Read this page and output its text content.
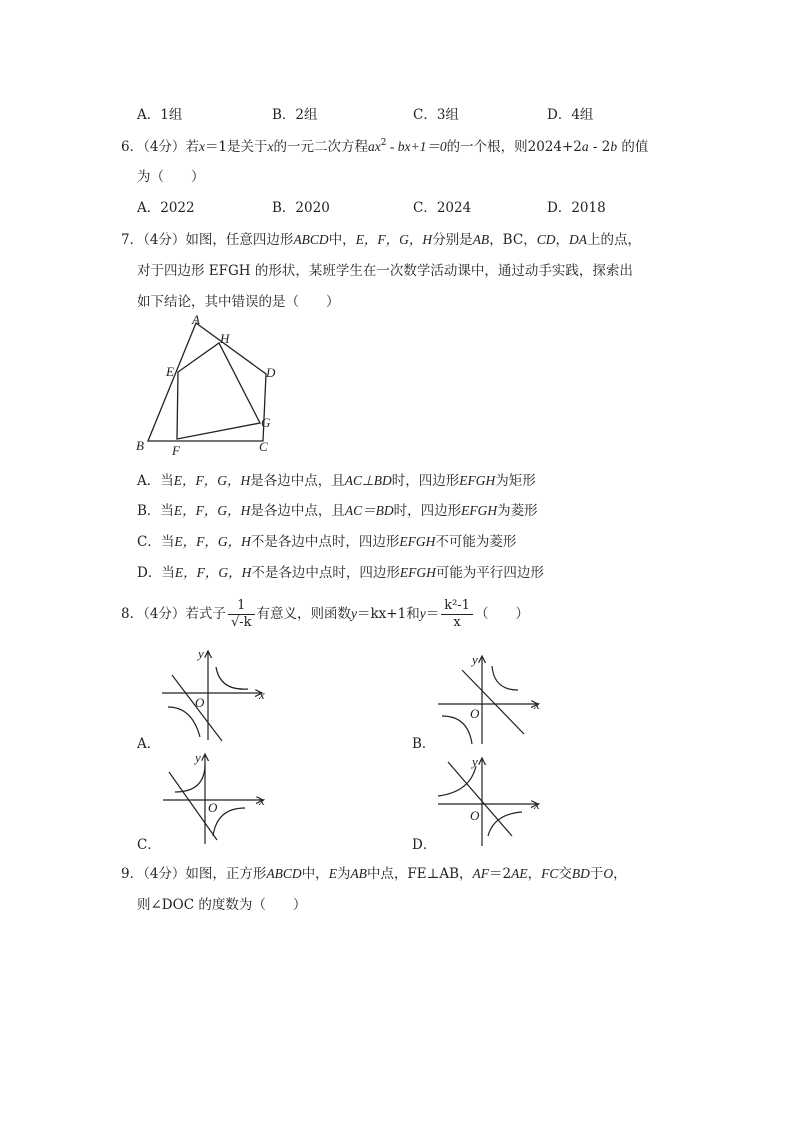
A．1组	B．2组	C．3组	D．4组
6．（4分）若x＝1是关于x的一元二次方程$ax^2 - bx+1=0$的一个根，则2024+2a - 2b 的值
为（　　）
A．2022	B．2020	C．2024	D．2018
7．（4分）如图，任意四边形ABCD中，E，F，G，H分别是AB，BC，CD，DA上的点，
对于四边形 EFGH 的形状，某班学生在一次数学活动课中，通过动手实践，探索出
如下结论，其中错误的是（　　）
A
H
E	D
G
B F	C
A．当E，F，G，H是各边中点，且AC⊥BD时，四边形EFGH为矩形
B．当E，F，G，H是各边中点，且AC＝BD时，四边形EFGH为菱形
C．当E，F，G，H不是各边中点时，四边形EFGH不可能为菱形
D．当E，F，G，H不是各边中点时，四边形EFGH可能为平行四边形
8．（4分）若式子 $\frac{1}{√-k}$ 有意义，则函数y＝kx+1和$y= \frac{\text{k²-1}}{x}$ （　　）
y
x
O
A．
y
x
O
B．
y
x
O
C．
y
x
O
D．
9．（4分）如图，正方形ABCD中，E为AB中点，FE⊥AB，AF＝2AE，FC交BD于O，
则∠DOC 的度数为（　　）
